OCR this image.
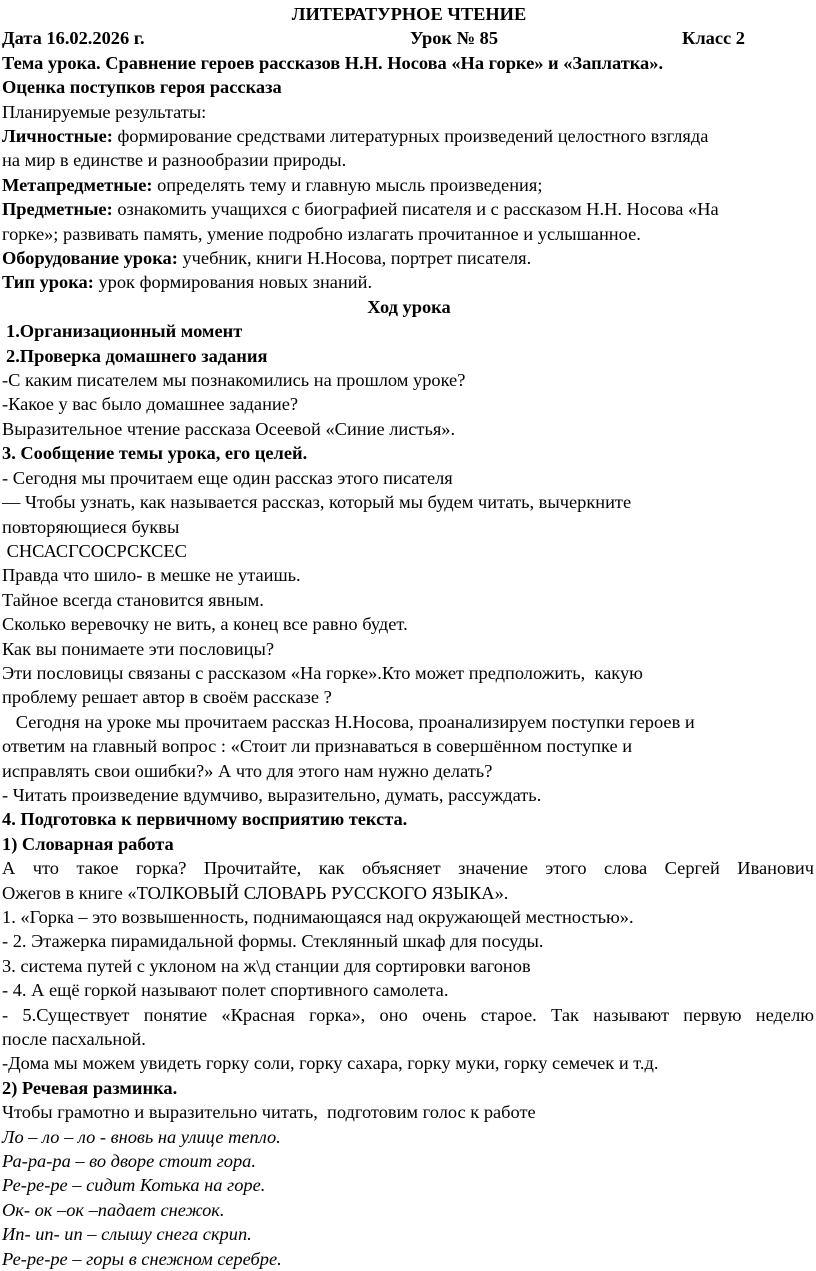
ЛИТЕРАТУРНОЕ ЧТЕНИЕ
Дата 16.02.2026 г.	Урок № 85	Класс 2
Тема урока. Сравнение героев рассказов Н.Н. Носова «На горке» и «Заплатка».
Оценка поступков героя рассказа
Планируемые результаты:
Личностные: формирование средствами литературных произведений целостного взгляда
на мир в единстве и разнообразии природы.
Метапредметные: определять тему и главную мысль произведения;
Предметные: ознакомить учащихся с биографией писателя и с рассказом Н.Н. Носова «На
горке»; развивать память, умение подробно излагать прочитанное и услышанное.
Оборудование урока: учебник, книги Н.Носова, портрет писателя.
Тип урока: урок формирования новых знаний.
Ход урока
1.Организационный момент
2.Проверка домашнего задания
-С каким писателем мы познакомились на прошлом уроке?
-Какое у вас было домашнее задание?
Выразительное чтение рассказа Осеевой «Синие листья».
3. Сообщение темы урока, его целей.
- Сегодня мы прочитаем еще один рассказ этого писателя
— Чтобы узнать, как называется рассказ, который мы будем читать, вычеркните
повторяющиеся буквы
СНСАСГСОСРСКСЕС
Правда что шило- в мешке не утаишь.
Тайное всегда становится явным.
Сколько веревочку не вить, а конец все равно будет.
Как вы понимаете эти пословицы?
Эти пословицы связаны с рассказом «На горке».Кто может предположить,  какую
проблему решает автор в своём рассказе ?
Сегодня на уроке мы прочитаем рассказ Н.Носова, проанализируем поступки героев и
ответим на главный вопрос : «Стоит ли признаваться в совершённом поступке и
исправлять свои ошибки?» А что для этого нам нужно делать?
- Читать произведение вдумчиво, выразительно, думать, рассуждать.
4. Подготовка к первичному восприятию текста.
1) Словарная работа
А что такое горка? Прочитайте, как объясняет значение этого слова Сергей Иванович
Ожегов в книге «ТОЛКОВЫЙ СЛОВАРЬ РУССКОГО ЯЗЫКА».
1. «Горка – это возвышенность, поднимающаяся над окружающей местностью».
- 2. Этажерка пирамидальной формы. Стеклянный шкаф для посуды.
3. система путей с уклоном на ж\д станции для сортировки вагонов
- 4. А ещё горкой называют полет спортивного самолета.
- 5.Существует понятие «Красная горка», оно очень старое. Так называют первую неделю
после пасхальной.
-Дома мы можем увидеть горку соли, горку сахара, горку муки, горку семечек и т.д.
2) Речевая разминка.
Чтобы грамотно и выразительно читать,  подготовим голос к работе
Ло – ло – ло - вновь на улице тепло.
Ра-ра-ра – во дворе стоит гора.
Ре-ре-ре – сидит Котька на горе.
Ок- ок –ок –падает снежок.
Ип- ип- ип – слышу снега скрип.
Ре-ре-ре – горы в снежном серебре.
